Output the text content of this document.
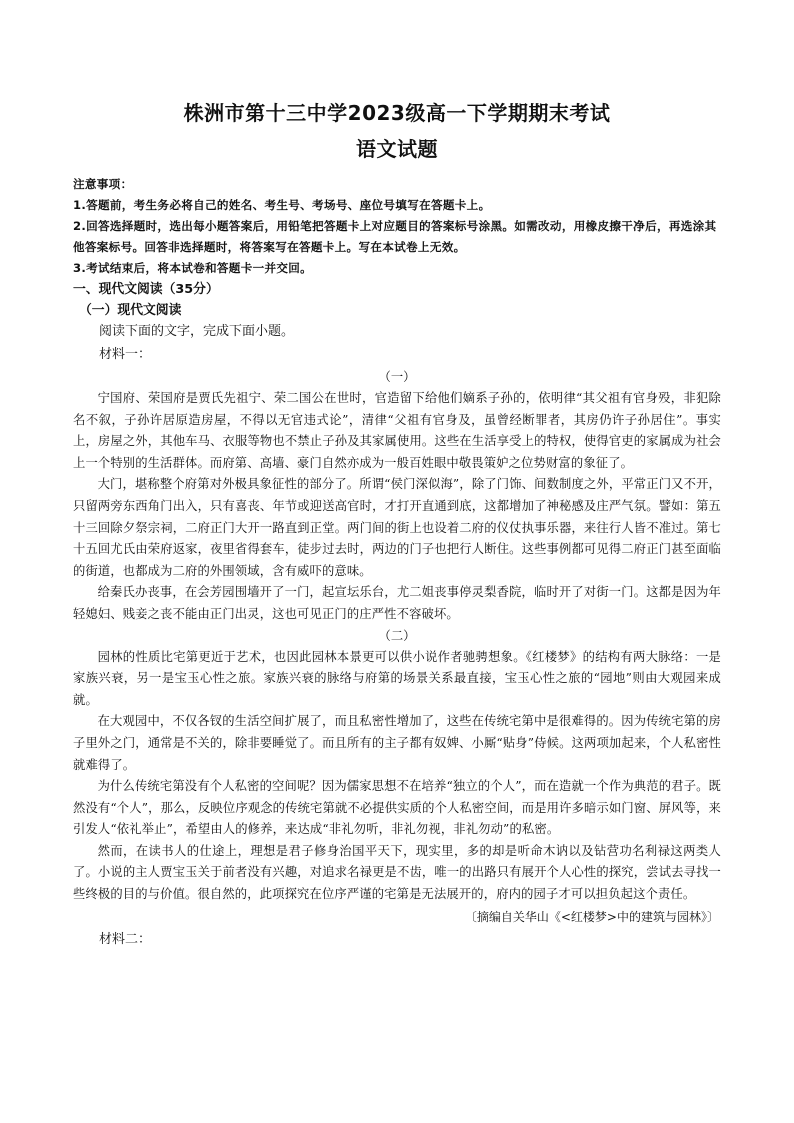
株洲市第十三中学2023级高一下学期期末考试
语文试题
注意事项：
1.答题前，考生务必将自己的姓名、考生号、考场号、座位号填写在答题卡上。
2.回答选择题时，选出每小题答案后，用铅笔把答题卡上对应题目的答案标号涂黑。如需改动，用橡皮擦干净后，再选涂其他答案标号。回答非选择题时，将答案写在答题卡上。写在本试卷上无效。
3.考试结束后，将本试卷和答题卡一并交回。
一、现代文阅读（35分）
（一）现代文阅读
阅读下面的文字，完成下面小题。
材料一：
（一）

宁国府、荣国府是贾氏先祖宁、荣二国公在世时，官造留下给他们嫡系子孙的，依明律“其父祖有官身殁，非犯除名不叙，子孙许居原造房屋，不得以无官违式论”，清律“父祖有官身及，虽曾经断罪者，其房仍许子孙居住”。事实上，房屋之外，其他车马、衣服等物也不禁止子孙及其家属使用。这些在生活享受上的特权，使得官吏的家属成为社会上一个特别的生活群体。而府第、高墙、豪门自然亦成为一般百姓眼中敬畏策妒之位势财富的象征了。

大门，堪称整个府第对外极具象征性的部分了。所谓“侯门深似海”，除了门饰、间数制度之外，平常正门又不开，只留两旁东西角门出入，只有喜丧、年节或迎送高官时，才打开直通到底，这都增加了神秘感及庄严气氛。譬如：第五十三回除夕祭宗祠，二府正门大开一路直到正堂。两门间的街上也设着二府的仪仗执事乐器，来往行人皆不准过。第七十五回尤氏由荣府返家，夜里省得套车，徒步过去时，两边的门子也把行人断住。这些事例都可见得二府正门甚至面临的街道，也都成为二府的外围领域，含有威吓的意味。

给秦氏办丧事，在会芳园围墙开了一门，起宣坛乐台，尤二姐丧事停灵梨香院，临时开了对街一门。这都是因为年轻媳妇、贱妾之丧不能由正门出灵，这也可见正门的庄严性不容破坏。

（二）

园林的性质比宅第更近于艺术，也因此园林本景更可以供小说作者驰骋想象。《红楼梦》的结构有两大脉络：一是家族兴衰，另一是宝玉心性之旅。家族兴衰的脉络与府第的场景关系最直接，宝玉心性之旅的“园地”则由大观园来成就。

在大观园中，不仅各钗的生活空间扩展了，而且私密性增加了，这些在传统宅第中是很难得的。因为传统宅第的房子里外之门，通常是不关的，除非要睡觉了。而且所有的主子都有奴婢、小厮“贴身”侍候。这两项加起来，个人私密性就难得了。

为什么传统宅第没有个人私密的空间呢？因为儒家思想不在培养“独立的个人”，而在造就一个作为典范的君子。既然没有“个人”，那么，反映位序观念的传统宅第就不必提供实质的个人私密空间，而是用许多暗示如门窗、屏风等，来引发人“依礼举止”，希望由人的修养，来达成“非礼勿听，非礼勿视，非礼勿动”的私密。

然而，在读书人的仕途上，理想是君子修身治国平天下，现实里，多的却是听命木讷以及钻营功名利禄这两类人了。小说的主人贾宝玉关于前者没有兴趣，对追求名禄更是不齿，唯一的出路只有展开个人心性的探究，尝试去寻找一些终极的目的与价值。很自然的，此项探究在位序严谨的宅第是无法展开的，府内的园子才可以担负起这个责任。

〔摘编自关华山《<红楼梦>中的建筑与园林》〕
材料二：
